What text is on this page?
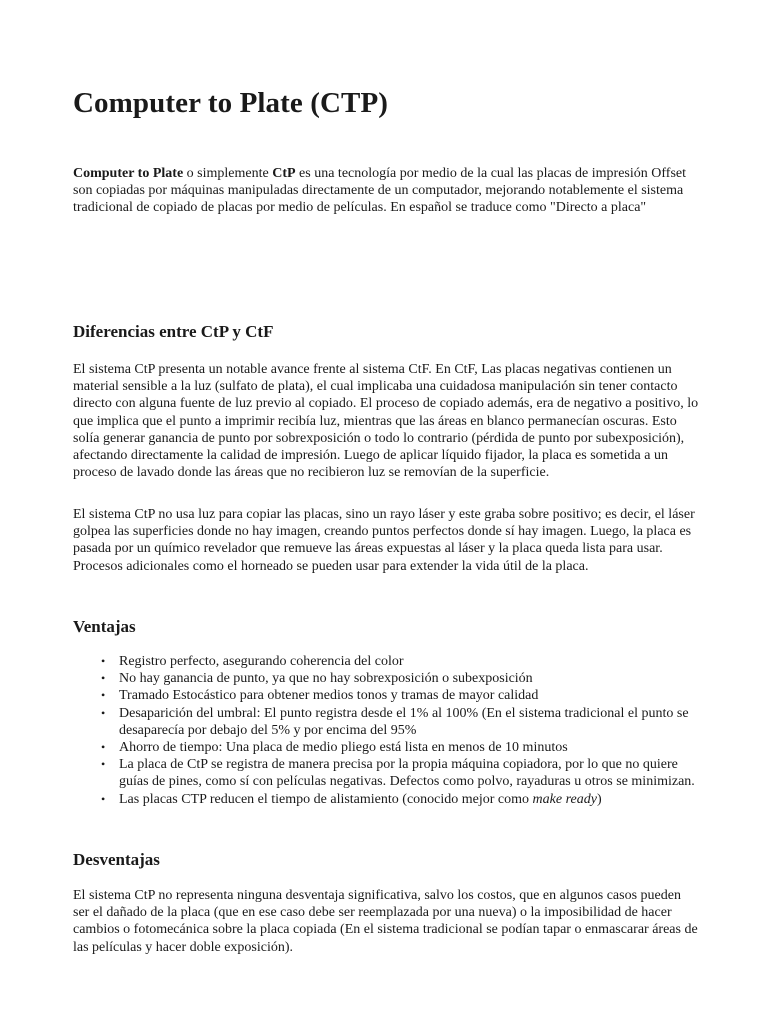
Computer to Plate (CTP)

Computer to Plate o simplemente CtP es una tecnología por medio de la cual las placas de impresión Offset son copiadas por máquinas manipuladas directamente de un computador, mejorando notablemente el sistema tradicional de copiado de placas por medio de películas. En español se traduce como "Directo a placa"

Diferencias entre CtP y CtF

El sistema CtP presenta un notable avance frente al sistema CtF. En CtF, Las placas negativas contienen un material sensible a la luz (sulfato de plata), el cual implicaba una cuidadosa manipulación sin tener contacto directo con alguna fuente de luz previo al copiado. El proceso de copiado además, era de negativo a positivo, lo que implica que el punto a imprimir recibía luz, mientras que las áreas en blanco permanecían oscuras. Esto solía generar ganancia de punto por sobrexposición o todo lo contrario (pérdida de punto por subexposición), afectando directamente la calidad de impresión. Luego de aplicar líquido fijador, la placa es sometida a un proceso de lavado donde las áreas que no recibieron luz se removían de la superficie.

El sistema CtP no usa luz para copiar las placas, sino un rayo láser y este graba sobre positivo; es decir, el láser golpea las superficies donde no hay imagen, creando puntos perfectos donde sí hay imagen. Luego, la placa es pasada por un químico revelador que remueve las áreas expuestas al láser y la placa queda lista para usar. Procesos adicionales como el horneado se pueden usar para extender la vida útil de la placa.

Ventajas
• Registro perfecto, asegurando coherencia del color
• No hay ganancia de punto, ya que no hay sobrexposición o subexposición
• Tramado Estocástico para obtener medios tonos y tramas de mayor calidad
• Desaparición del umbral: El punto registra desde el 1% al 100% (En el sistema tradicional el punto se desaparecía por debajo del 5% y por encima del 95%
• Ahorro de tiempo: Una placa de medio pliego está lista en menos de 10 minutos
• La placa de CtP se registra de manera precisa por la propia máquina copiadora, por lo que no quiere guías de pines, como sí con películas negativas. Defectos como polvo, rayaduras u otros se minimizan.
• Las placas CTP reducen el tiempo de alistamiento (conocido mejor como make ready)
Desventajas

El sistema CtP no representa ninguna desventaja significativa, salvo los costos, que en algunos casos pueden ser el dañado de la placa (que en ese caso debe ser reemplazada por una nueva) o la imposibilidad de hacer cambios o fotomecánica sobre la placa copiada (En el sistema tradicional se podían tapar o enmascarar áreas de las películas y hacer doble exposición).
